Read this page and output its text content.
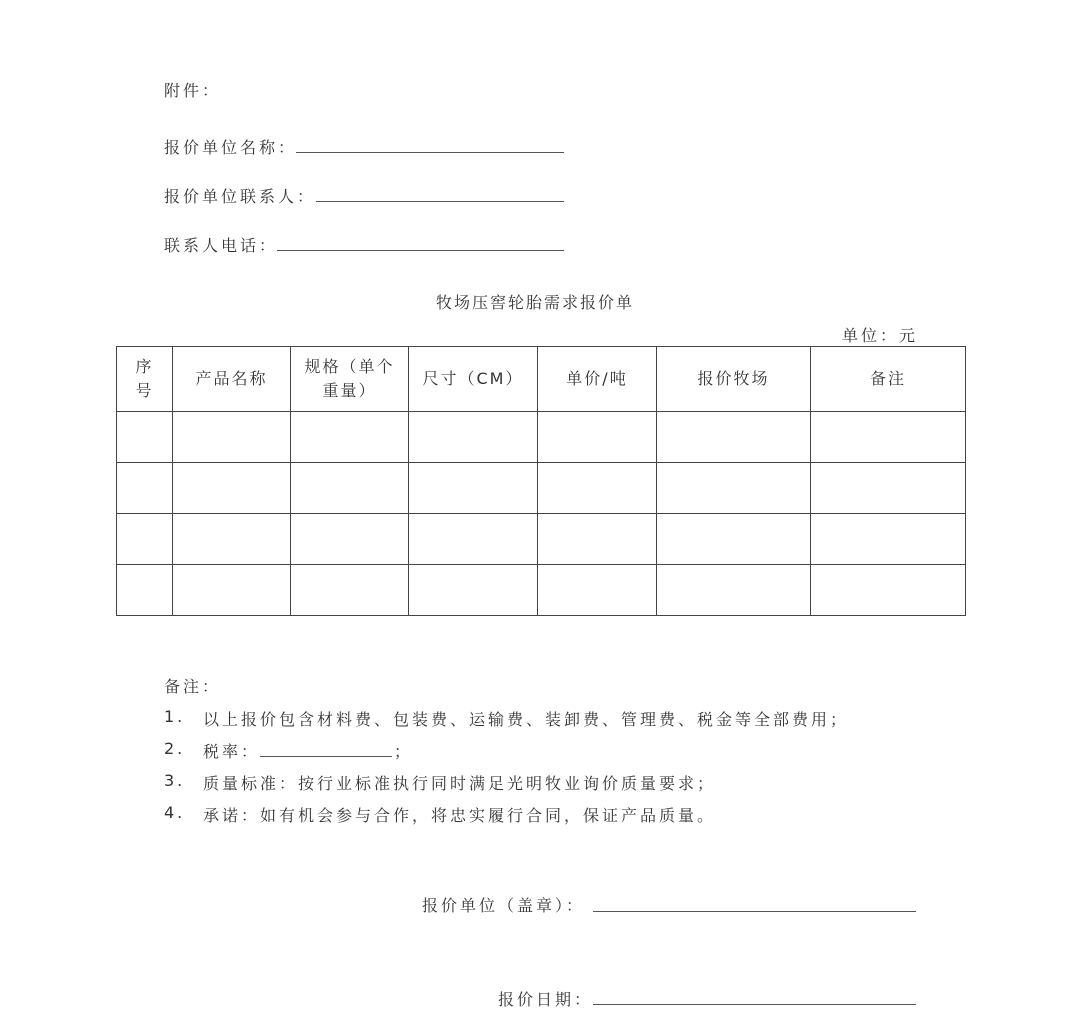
附件：
报价单位名称：
报价单位联系人：
联系人电话：
牧场压窖轮胎需求报价单
单位：元
序号	产品名称	规格（单个重量）	尺寸（CM）	单价/吨	报价牧场	备注

备注：
1. 以上报价包含材料费、包装费、运输费、装卸费、管理费、税金等全部费用；
2. 税率：	；
3. 质量标准：按行业标准执行同时满足光明牧业询价质量要求；
4. 承诺：如有机会参与合作，将忠实履行合同，保证产品质量。
报价单位（盖章）：
报价日期：
